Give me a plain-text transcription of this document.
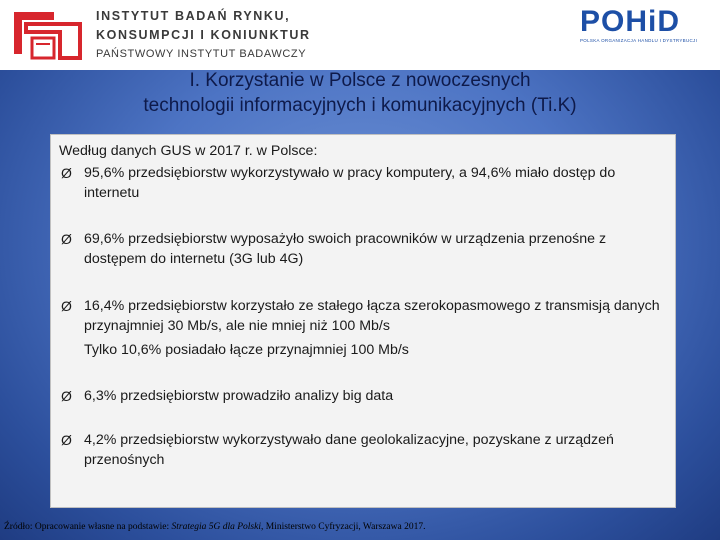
INSTYTUT BADAŃ RYNKU,
KONSUMPCJI I KONIUNKTUR
PAŃSTWOWY INSTYTUT BADAWCZY
POHiD
POLSKA ORGANIZACJA HANDLU I DYSTRYBUCJI
I. Korzystanie w Polsce z nowoczesnych
technologii informacyjnych i komunikacyjnych (Ti.K)
Według danych GUS w 2017 r. w Polsce:
Ø 95,6% przedsiębiorstw wykorzystywało w pracy komputery, a 94,6% miało dostęp do internetu
Ø 69,6% przedsiębiorstw wyposażyło swoich pracowników w urządzenia przenośne z dostępem do internetu (3G lub 4G)
Ø 16,4% przedsiębiorstw korzystało ze stałego łącza szerokopasmowego z transmisją danych przynajmniej 30 Mb/s, ale nie mniej niż 100 Mb/s
Tylko 10,6% posiadało łącze przynajmniej 100 Mb/s
Ø 6,3% przedsiębiorstw prowadziło analizy big data
Ø 4,2% przedsiębiorstw wykorzystywało dane geolokalizacyjne, pozyskane z urządzeń przenośnych
Źródło: Opracowanie własne na podstawie: Strategia 5G dla Polski, Ministerstwo Cyfryzacji, Warszawa 2017.
